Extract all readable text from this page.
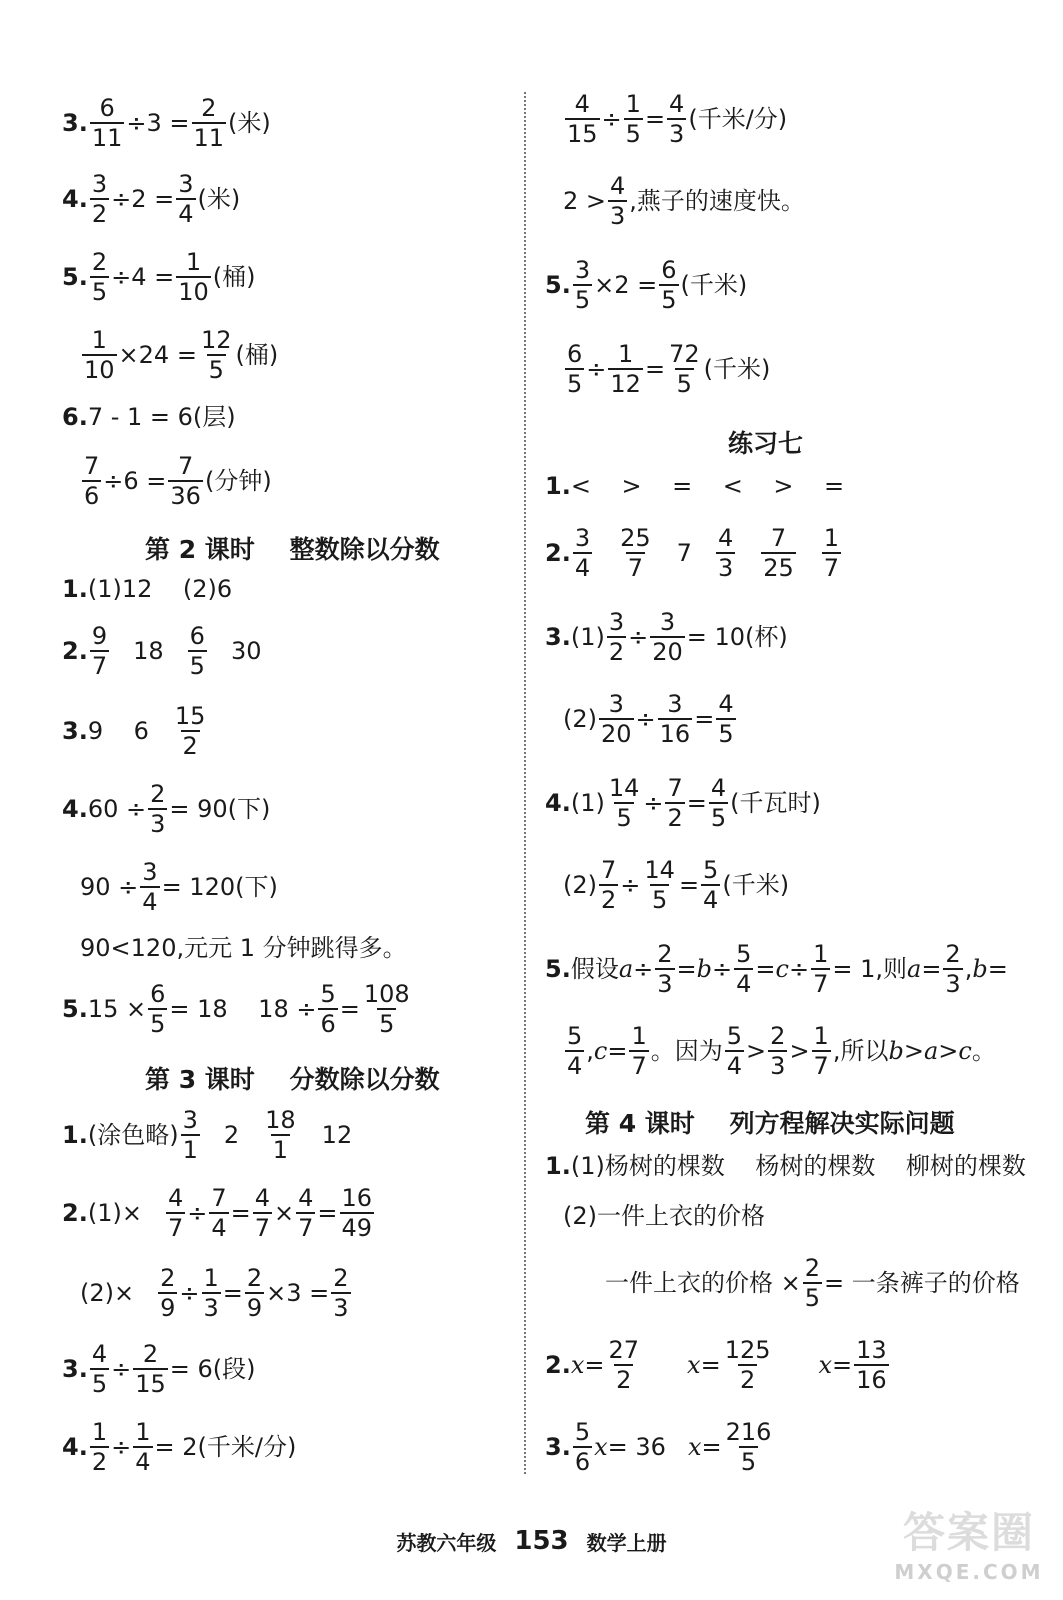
3. $\frac{6}{11} \div 3 = \frac{2}{11}$ (米)
4. $\frac{3}{2} \div 2 = \frac{3}{4}$ (米)
5. $\frac{2}{5} \div 4 = \frac{1}{10}$ (桶)
$\frac{1}{10} \times 24 = \frac{12}{5}$ (桶)
6. 7 - 1 = 6(层)
$\frac{7}{6} \div 6 = \frac{7}{36}$ (分钟)
第 2 课时    整数除以分数
1. (1)12    (2)6
2. $\frac{9}{7} 18 \frac{6}{5} 30$
3. 9    $6 \frac{15}{2}$
4. $60 \div \frac{2}{3} = 90$(下)
$90 \div \frac{3}{4} = 120$(下)
90<120,元元 1 分钟跳得多。
5. $15 \times \frac{6}{5} = 18$    $18 \div \frac{5}{6} = \frac{108}{5}$
第 3 课时    分数除以分数
1. (涂色略) $\frac{3}{1} 2 \frac{18}{1} 12$
2. $(1)\times \frac{4}{7} \div \frac{7}{4} = \frac{4}{7} \times \frac{4}{7} = \frac{16}{49}$
$(2)\times \frac{2}{9} \div \frac{1}{3} = \frac{2}{9} \times 3 = \frac{2}{3}$
3. $\frac{4}{5} \div \frac{2}{15} = 6$(段)
4. $\frac{1}{2} \div \frac{1}{4} = 2$(千米/分)
$\frac{4}{15} \div \frac{1}{5} = \frac{4}{3}$ (千米/分)
$2 > \frac{4}{3}$ ,燕子的速度快。
5. $\frac{3}{5} \times 2 = \frac{6}{5}$ (千米)
$\frac{6}{5} \div \frac{1}{12} = \frac{72}{5}$ (千米)
练习七
1. <    >    =    <    >    =
2. $\frac{3}{4} \frac{25}{7} 7 \frac{4}{3} \frac{7}{25} \frac{1}{7}$
3. $(1) \frac{3}{2} \div \frac{3}{20} = 10$(杯)
$(2) \frac{3}{20} \div \frac{3}{16} = \frac{4}{5}$
4. $(1) \frac{14}{5} \div \frac{7}{2} = \frac{4}{5}$ (千瓦时)
$(2) \frac{7}{2} \div \frac{14}{5} = \frac{5}{4}$ (千米)
5. 假设 $a \div \frac{2}{3} = b \div \frac{5}{4} = c \div \frac{1}{7} = 1$,则 $a = \frac{2}{3}$ , b =
$\frac{5}{4}$ , $c = \frac{1}{7}$ 。因为 $\frac{5}{4} > \frac{2}{3} > \frac{1}{7}$ ,所以 b>a>c 。
第 4 课时    列方程解决实际问题
1. (1)杨树的棵数    杨树的棵数    柳树的棵数
(2)一件上衣的价格
一件上衣的价格 × $\frac{2}{5}$ = 一条裤子的价格
2. $x = \frac{27}{2}$ $x = \frac{125}{2}$ $x = \frac{13}{16}$
3. $\frac{5}{6}$ x = 36 $x = \frac{216}{5}$
苏教六年级 153 数学上册	答案圈
MXQE.COM
